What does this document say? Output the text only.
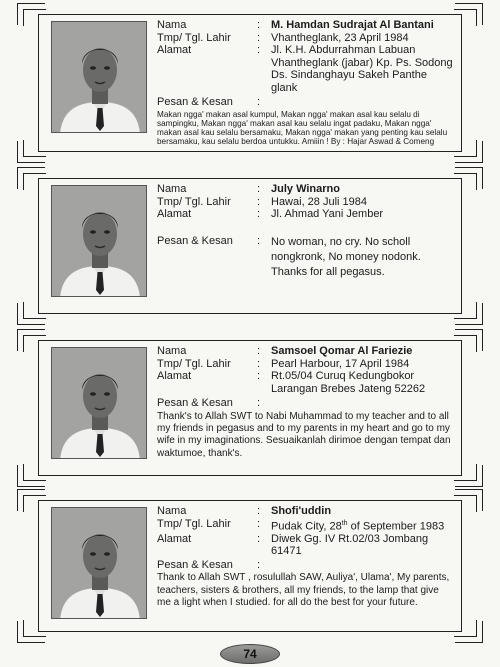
Nama	: M. Hamdan Sudrajat Al Bantani
Tmp/ Tgl. Lahir	: Vhantheglank, 23 April 1984
Alamat	: Jl. K.H. Abdurrahman Labuan
Vhantheglank (jabar) Kp. Ps. Sodong
Ds. Sindanghayu Sakeh Panthe glank
Pesan & Kesan	:
Makan ngga' makan asal kumpul, Makan ngga' makan asal kau selalu di sampingku, Makan ngga' makan asal kau selalu ingat padaku, Makan ngga' makan asal kau selalu bersamaku, Makan ngga' makan yang penting kau selalu bersamaku, kau selalu berdoa untukku. Amiiin ! By : Hajar Aswad & Comeng
Nama	: July Winarno
Tmp/ Tgl. Lahir	: Hawai, 28 Juli 1984
Alamat	: Jl. Ahmad Yani Jember
Pesan & Kesan	: No woman, no cry. No scholl
nongkronk, No money nodonk.
Thanks for all pegasus.
Nama	: Samsoel Qomar Al Fariezie
Tmp/ Tgl. Lahir	: Pearl Harbour, 17 April 1984
Alamat	: Rt.05/04 Curuq Kedungbokor
Larangan Brebes Jateng 52262
Pesan & Kesan	:
Thank's to Allah SWT to Nabi Muhammad to my teacher and to all my friends in pegasus and to my parents in my heart and go to my wife in my imaginations. Sesuaikanlah dirimoe dengan tempat dan waktumoe, thank's.
Nama	: Shofi'uddin
Tmp/ Tgl. Lahir	: Pudak City, 28th of September 1983
Alamat	: Diwek Gg. IV Rt.02/03 Jombang
61471
Pesan & Kesan	:
Thank to Allah SWT , rosulullah SAW, Auliya', Ulama', My parents, teachers, sisters & brothers, all my friends, to the lamp that give me a light when I studied. for all do the best for your future.
74
